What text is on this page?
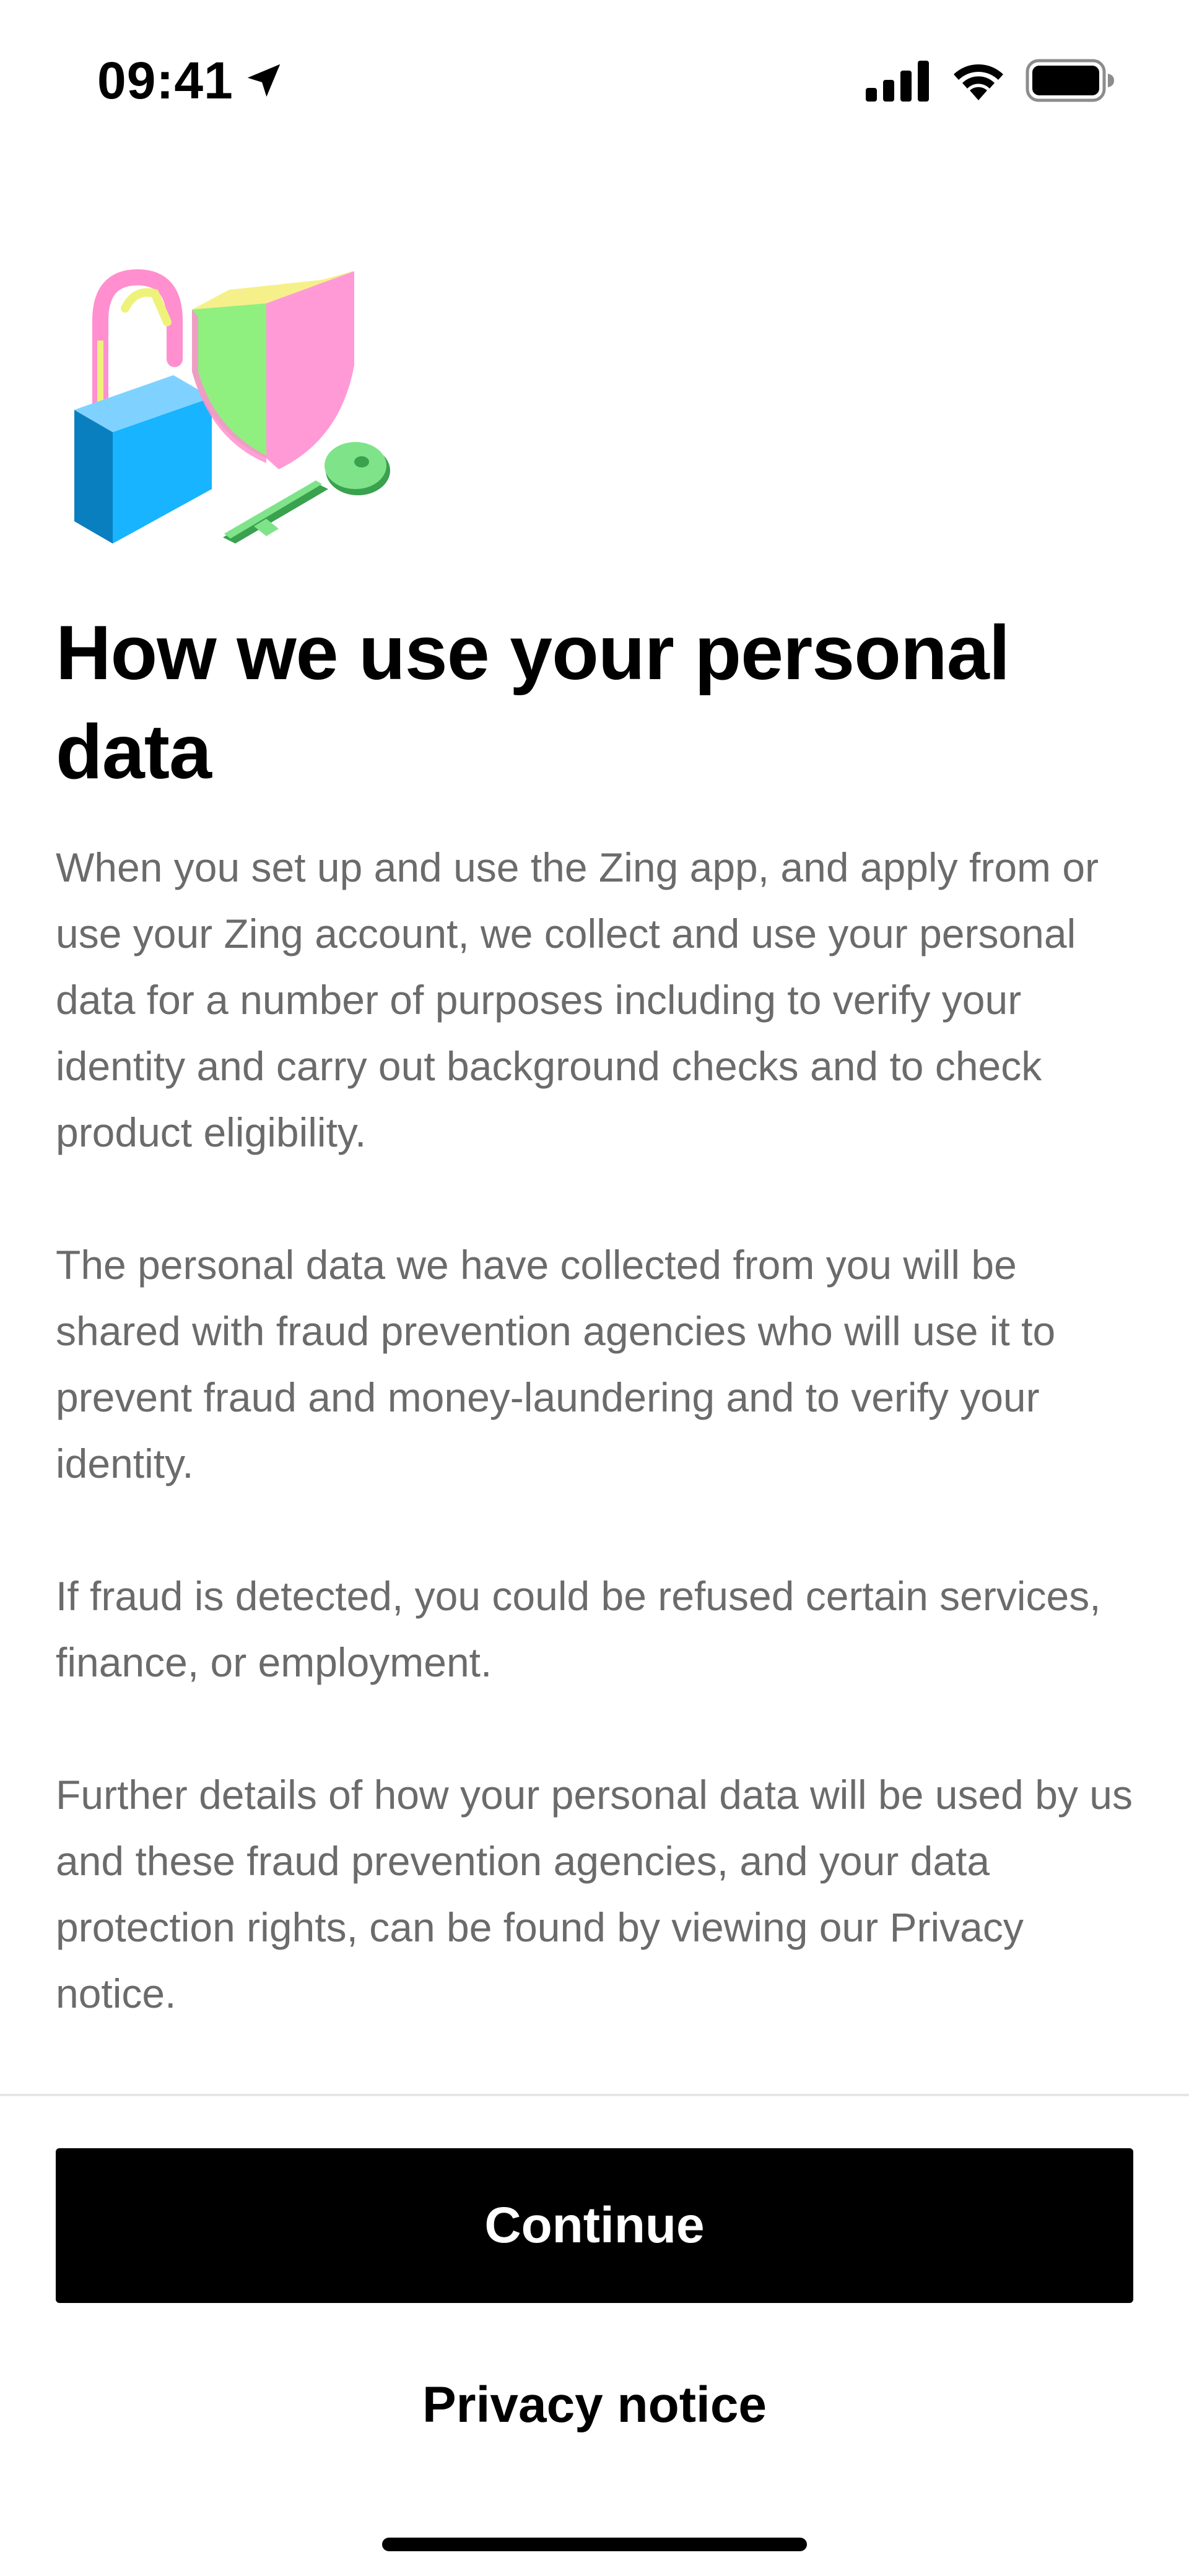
09:41
How we use your personal data

When you set up and use the Zing app, and apply from or use your Zing account, we collect and use your personal data for a number of purposes including to verify your identity and carry out background checks and to check product eligibility.

The personal data we have collected from you will be shared with fraud prevention agencies who will use it to prevent fraud and money-laundering and to verify your identity.

If fraud is detected, you could be refused certain services, finance, or employment.

Further details of how your personal data will be used by us and these fraud prevention agencies, and your data protection rights, can be found by viewing our Privacy notice.

Continue
Privacy notice
